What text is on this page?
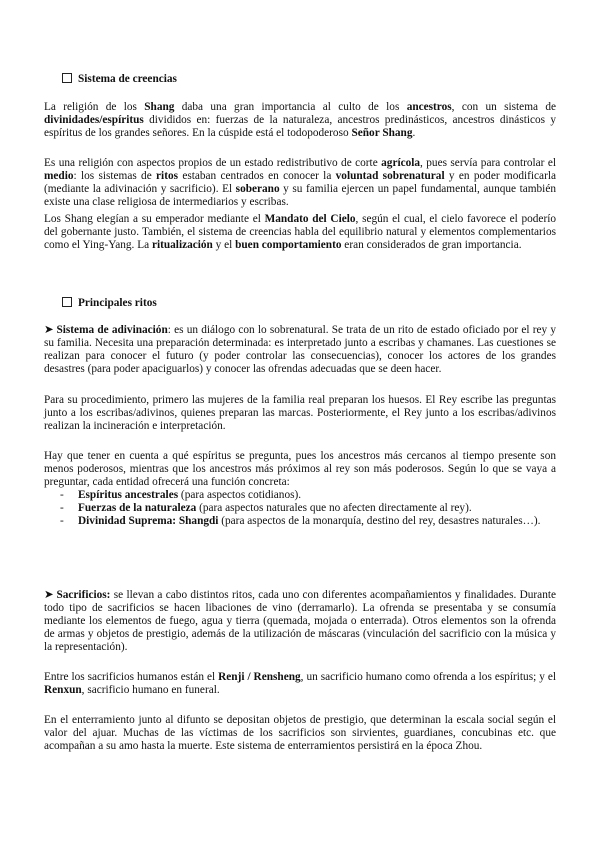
Sistema de creencias

La religión de los Shang daba una gran importancia al culto de los ancestros, con un sistema de divinidades/espíritus divididos en: fuerzas de la naturaleza, ancestros predinásticos, ancestros dinásticos y espíritus de los grandes señores. En la cúspide está el todopoderoso Señor Shang.

Es una religión con aspectos propios de un estado redistributivo de corte agrícola, pues servía para controlar el medio: los sistemas de ritos estaban centrados en conocer la voluntad sobrenatural y en poder modificarla (mediante la adivinación y sacrificio). El soberano y su familia ejercen un papel fundamental, aunque también existe una clase religiosa de intermediarios y escribas.

Los Shang elegían a su emperador mediante el Mandato del Cielo, según el cual, el cielo favorece el poderío del gobernante justo. También, el sistema de creencias habla del equilibrio natural y elementos complementarios como el Ying-Yang. La ritualización y el buen comportamiento eran considerados de gran importancia.

Principales ritos

➤ Sistema de adivinación: es un diálogo con lo sobrenatural. Se trata de un rito de estado oficiado por el rey y su familia. Necesita una preparación determinada: es interpretado junto a escribas y chamanes. Las cuestiones se realizan para conocer el futuro (y poder controlar las consecuencias), conocer los actores de los grandes desastres (para poder apaciguarlos) y conocer las ofrendas adecuadas que se deen hacer.

Para su procedimiento, primero las mujeres de la familia real preparan los huesos. El Rey escribe las preguntas junto a los escribas/adivinos, quienes preparan las marcas. Posteriormente, el Rey junto a los escribas/adivinos realizan la incineración e interpretación.

Hay que tener en cuenta a qué espíritus se pregunta, pues los ancestros más cercanos al tiempo presente son menos poderosos, mientras que los ancestros más próximos al rey son más poderosos. Según lo que se vaya a preguntar, cada entidad ofrecerá una función concreta:

- Espíritus ancestrales (para aspectos cotidianos).
- Fuerzas de la naturaleza (para aspectos naturales que no afecten directamente al rey).
- Divinidad Suprema: Shangdi (para aspectos de la monarquía, destino del rey, desastres naturales…).

➤ Sacrificios: se llevan a cabo distintos ritos, cada uno con diferentes acompañamientos y finalidades. Durante todo tipo de sacrificios se hacen libaciones de vino (derramarlo). La ofrenda se presentaba y se consumía mediante los elementos de fuego, agua y tierra (quemada, mojada o enterrada). Otros elementos son la ofrenda de armas y objetos de prestigio, además de la utilización de máscaras (vinculación del sacrificio con la música y la representación).

Entre los sacrificios humanos están el Renji / Rensheng, un sacrificio humano como ofrenda a los espíritus; y el Renxun, sacrificio humano en funeral.

En el enterramiento junto al difunto se depositan objetos de prestigio, que determinan la escala social según el valor del ajuar. Muchas de las víctimas de los sacrificios son sirvientes, guardianes, concubinas etc. que acompañan a su amo hasta la muerte. Este sistema de enterramientos persistirá en la época Zhou.
